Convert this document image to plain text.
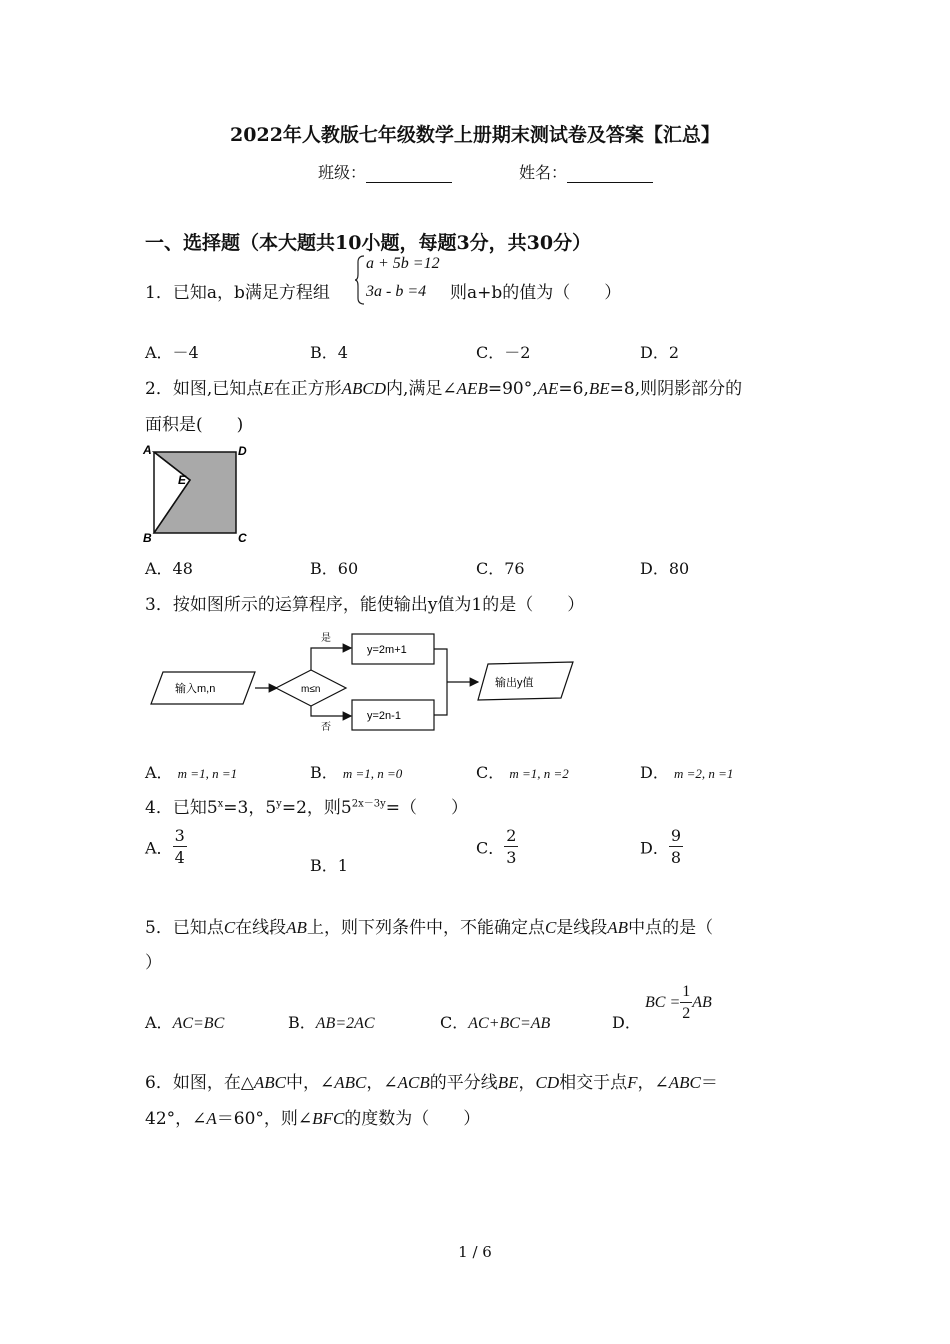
2022年人教版七年级数学上册期末测试卷及答案【汇总】
班级：	姓名：
一、选择题（本大题共10小题，每题3分，共30分）
1．已知a，b满足方程组
a + 5b =12
3a - b =4 则a+b的值为（　　）
A．－4	B．4	C．－2	D．2
2．如图,已知点E在正方形ABCD内,满足∠AEB=90°,AE=6,BE=8,则阴影部分的
面积是(　　)
A	D
E
B	C
A．48	B．60	C．76	D．80
3．按如图所示的运算程序，能使输出y值为1的是（　　）
输入m,n	m≤n
是
否
y=2m+1
y=2n-1
输出y值
A． m =1, n =1	B． m =1, n =0	C． m =1, n =2	D． m =2, n =1
4．已知$5^x=3$，$5^y=2$，则$5^{2x-3y}=$（　　）
A． $\frac{3}{4}$	B．1
C． $\frac{2}{3}$	D． $\frac{9}{8}$
5．已知点C在线段AB上，则下列条件中，不能确定点C是线段AB中点的是（
）
A．AC=BC	B．AB=2AC	C．AC+BC=AB	D．
BC = $\frac{1}{2}$ AB
6．如图，在△ABC中，∠ABC，∠ACB的平分线BE，CD相交于点F，∠ABC＝
42°，∠A＝60°，则∠BFC的度数为（　　）
1 / 6
